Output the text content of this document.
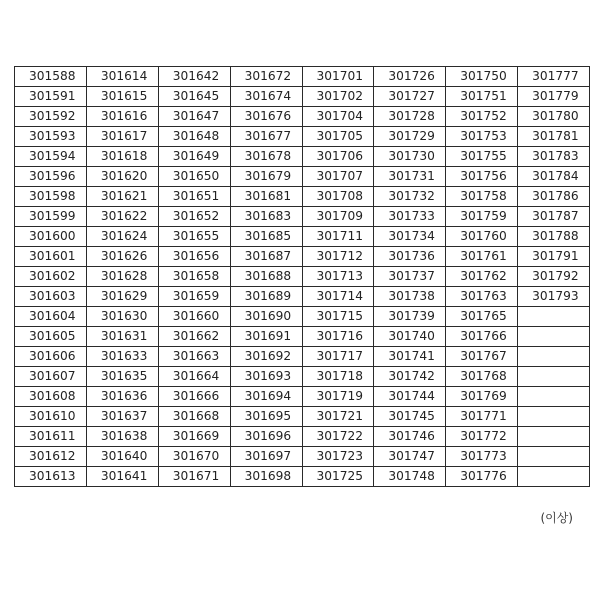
301588	301614	301642	301672	301701	301726	301750	301777
301591	301615	301645	301674	301702	301727	301751	301779
301592	301616	301647	301676	301704	301728	301752	301780
301593	301617	301648	301677	301705	301729	301753	301781
301594	301618	301649	301678	301706	301730	301755	301783
301596	301620	301650	301679	301707	301731	301756	301784
301598	301621	301651	301681	301708	301732	301758	301786
301599	301622	301652	301683	301709	301733	301759	301787
301600	301624	301655	301685	301711	301734	301760	301788
301601	301626	301656	301687	301712	301736	301761	301791
301602	301628	301658	301688	301713	301737	301762	301792
301603	301629	301659	301689	301714	301738	301763	301793
301604	301630	301660	301690	301715	301739	301765	
301605	301631	301662	301691	301716	301740	301766	
301606	301633	301663	301692	301717	301741	301767	
301607	301635	301664	301693	301718	301742	301768	
301608	301636	301666	301694	301719	301744	301769	
301610	301637	301668	301695	301721	301745	301771	
301611	301638	301669	301696	301722	301746	301772	
301612	301640	301670	301697	301723	301747	301773	
301613	301641	301671	301698	301725	301748	301776	
(이상)
